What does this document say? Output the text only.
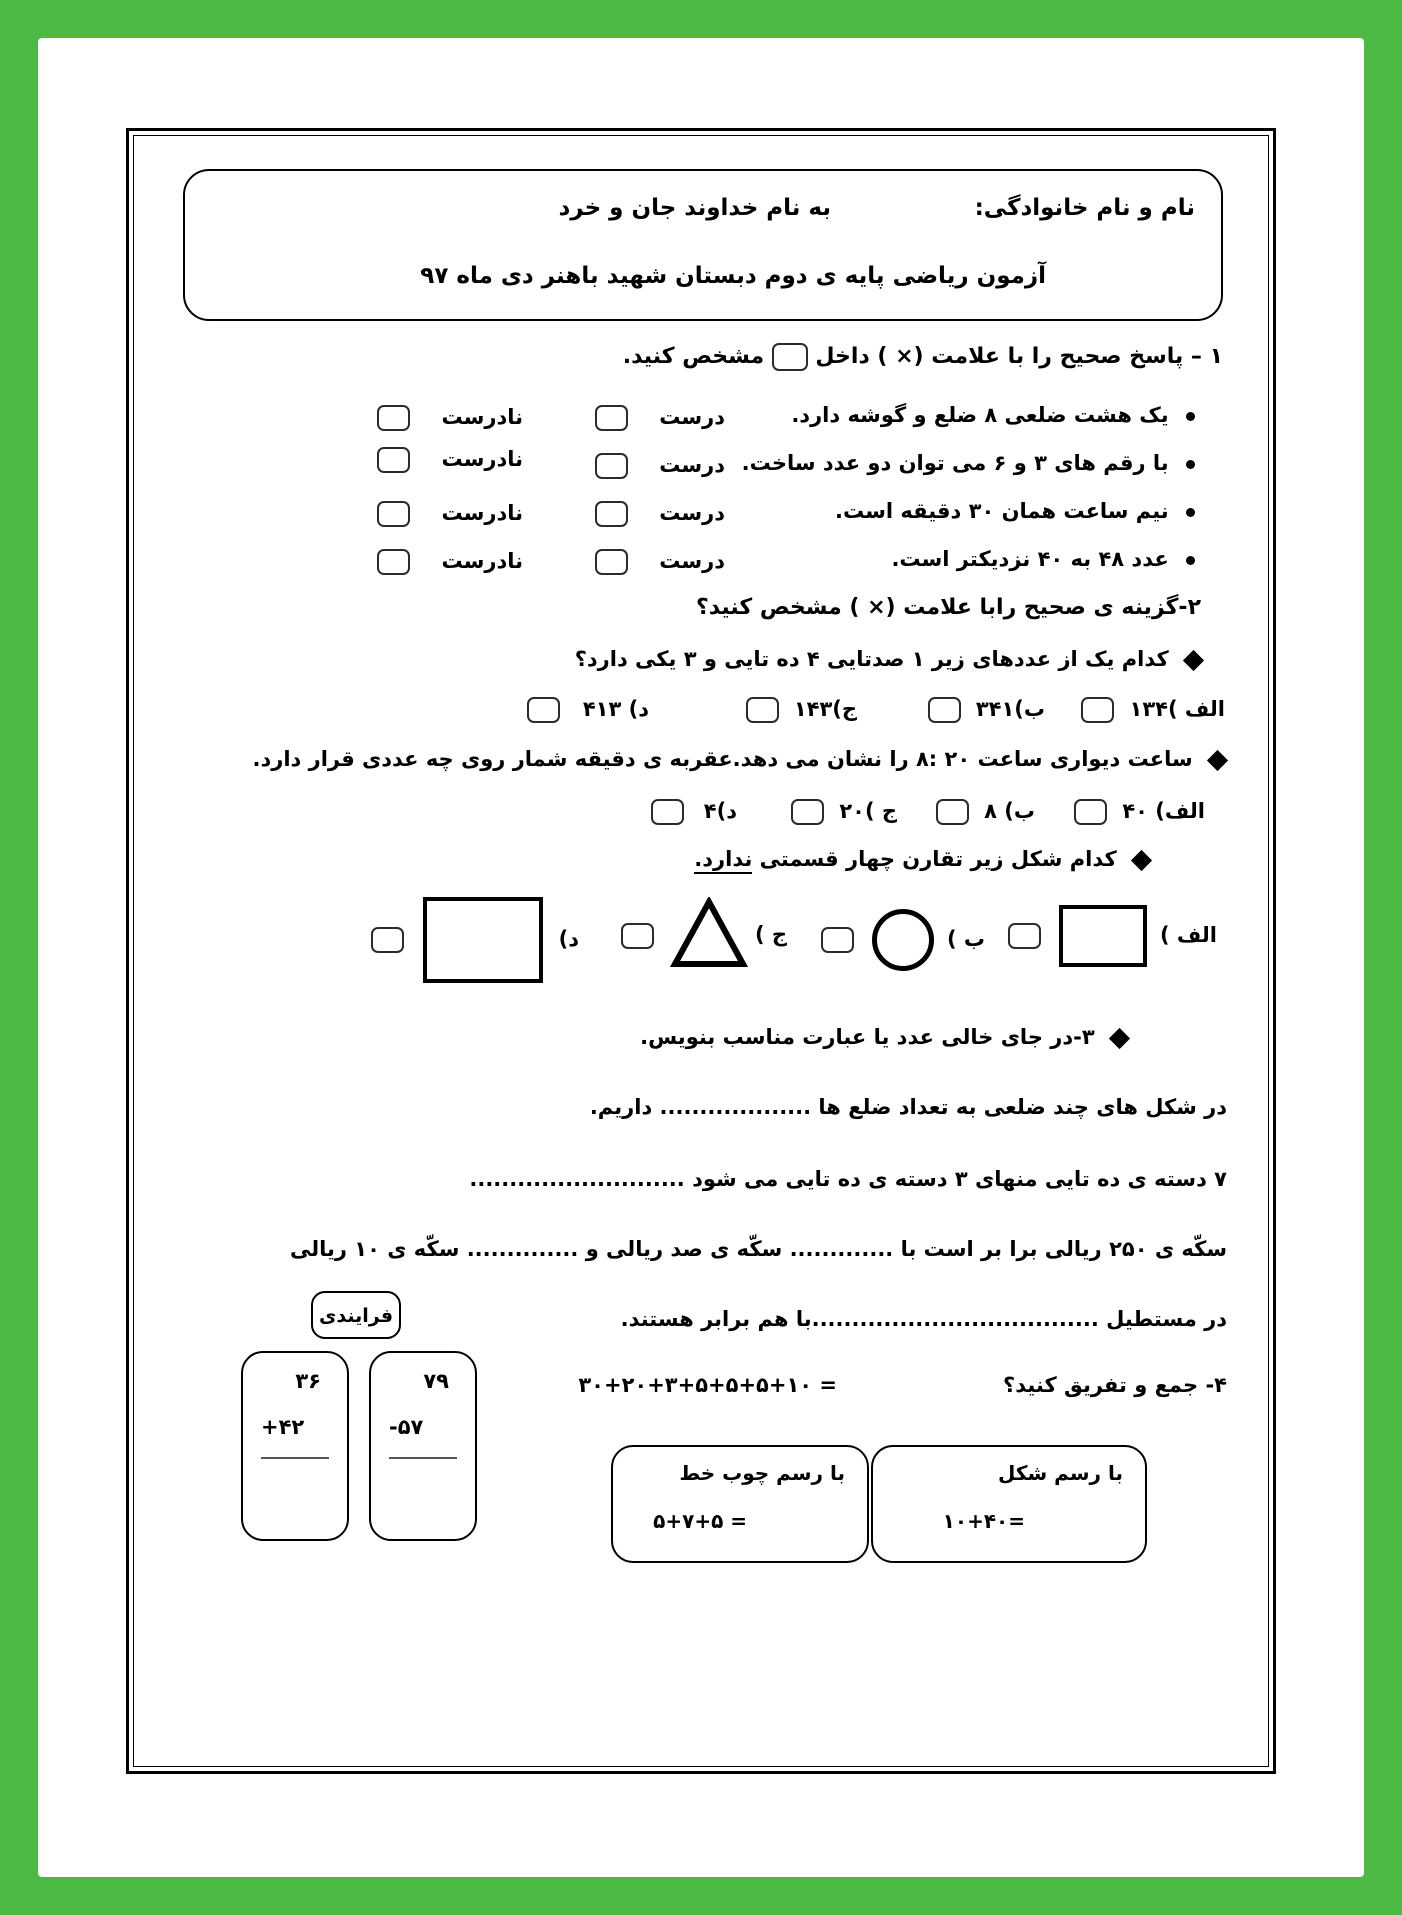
نام و نام خانوادگی:
به نام خداوند جان و خرد
آزمون ریاضی پایه ی دوم دبستان شهید باهنر دی ماه ۹۷
۱ – پاسخ صحیح را با علامت (× ) داخل  مشخص کنید.
یک هشت ضلعی ۸ ضلع و گوشه دارد.
درست
نادرست
با رقم های ۳ و ۶ می توان دو عدد ساخت.
درست
نادرست
نیم ساعت همان ۳۰ دقیقه است.
درست
نادرست
عدد ۴۸ به ۴۰ نزدیکتر است.
درست
نادرست
۲-گزینه ی صحیح رابا علامت (× ) مشخص کنید؟
کدام یک از عددهای زیر ۱ صدتایی ۴ ده تایی و ۳ یکی دارد؟
الف )۱۳۴
ب)۳۴۱
ج)۱۴۳
د) ۴۱۳
ساعت دیواری ساعت ۲۰ :۸ را نشان می دهد.عقربه ی دقیقه شمار روی چه عددی قرار دارد.
الف) ۴۰
ب) ۸
ج )۲۰
د)۴
کدام شکل زیر تقارن چهار قسمتی ندارد.
الف )
ب )
ج )
د)
۳-در جای خالی عدد یا عبارت مناسب بنویس.
در شکل های چند ضلعی به تعداد ضلع ها ................... داریم.
۷ دسته ی ده تایی منهای ۳ دسته ی ده تایی می شود ...........................
سکّه ی ۲۵۰ ریالی برا بر است با ............. سکّه ی صد ریالی و .............. سکّه ی ۱۰ ریالی
در مستطیل ....................................با هم برابر هستند.
۴- جمع و تفریق کنید؟
۳۰+۲۰+۳+۵+۵+۵+۱۰ =
فرایندی
۳۶
+۴۲
۷۹
-۵۷
با رسم چوب خط
۵+۷+۵ =
با رسم شکل
۱۰+۴۰=
